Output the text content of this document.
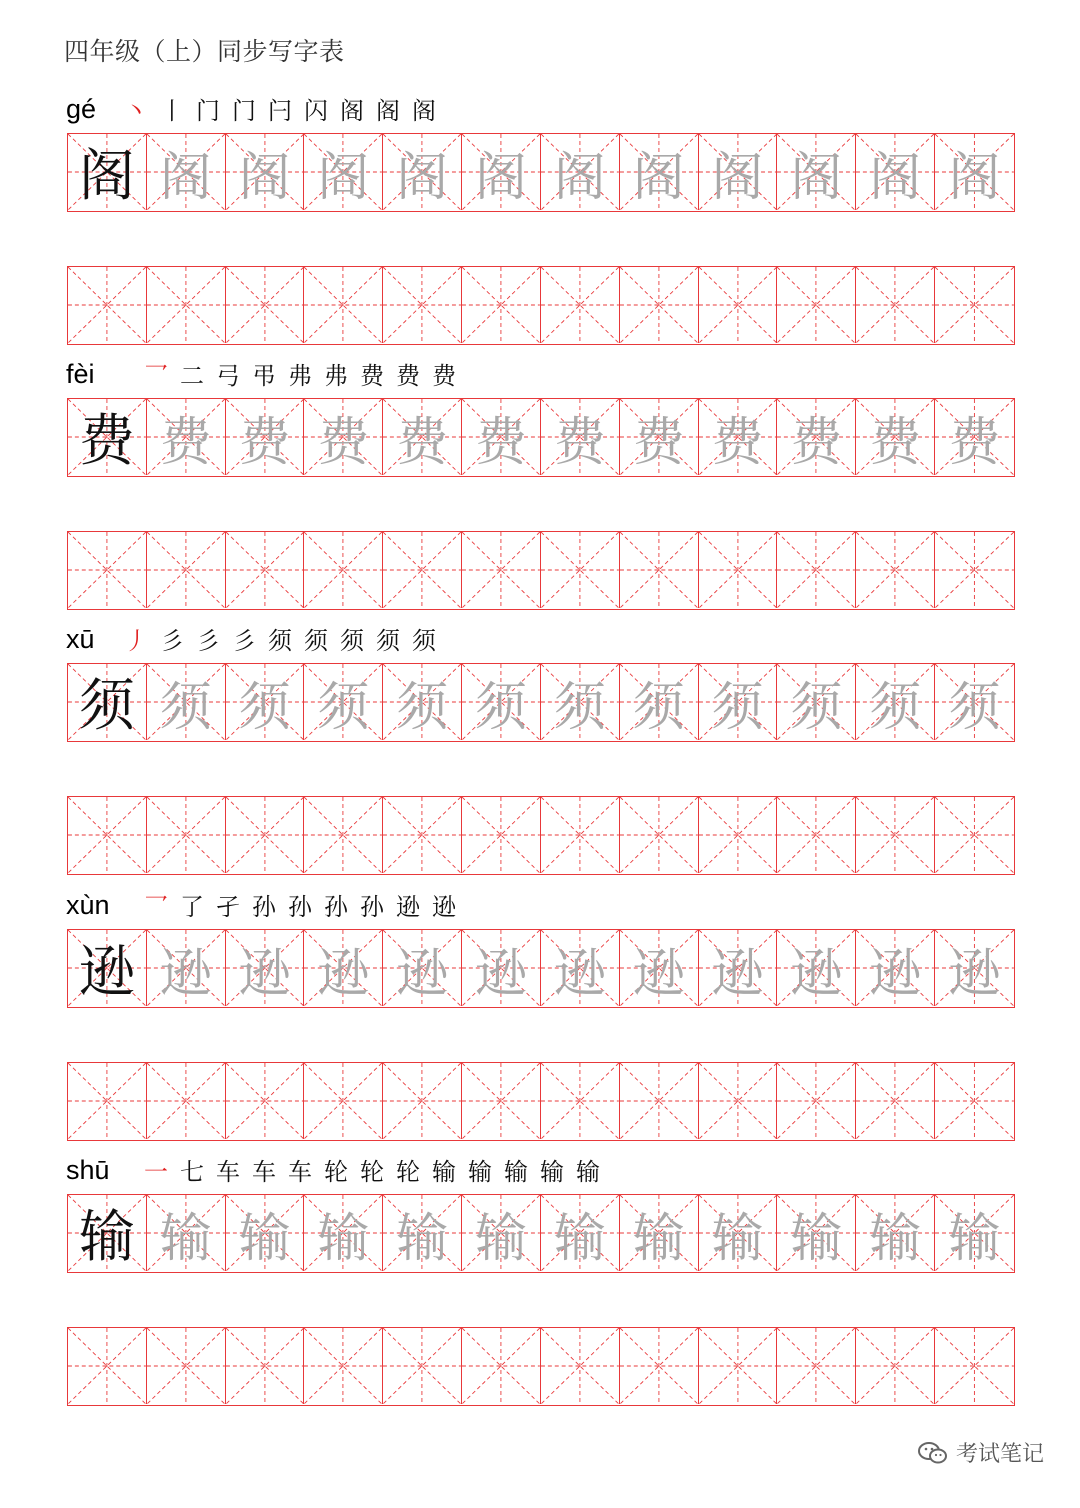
四年级（上）同步写字表
gé 丶 丨 门 门 闩 闪 阁 阁 阁
阁 阁 阁 阁 阁 阁 阁 阁 阁 阁 阁 阁
fèi 乛 二 弓 弔 弗 弗 费 费 费
费 费 费 费 费 费 费 费 费 费 费 费
xū 丿 彡 彡 彡 须 须 须 须 须
须 须 须 须 须 须 须 须 须 须 须 须
xùn 乛 了 孑 孙 孙 孙 孙 逊 逊
逊 逊 逊 逊 逊 逊 逊 逊 逊 逊 逊 逊
shū 一 七 车 车 车 轮 轮 轮 输 输 输 输 输
输 输 输 输 输 输 输 输 输 输 输 输
考试笔记
